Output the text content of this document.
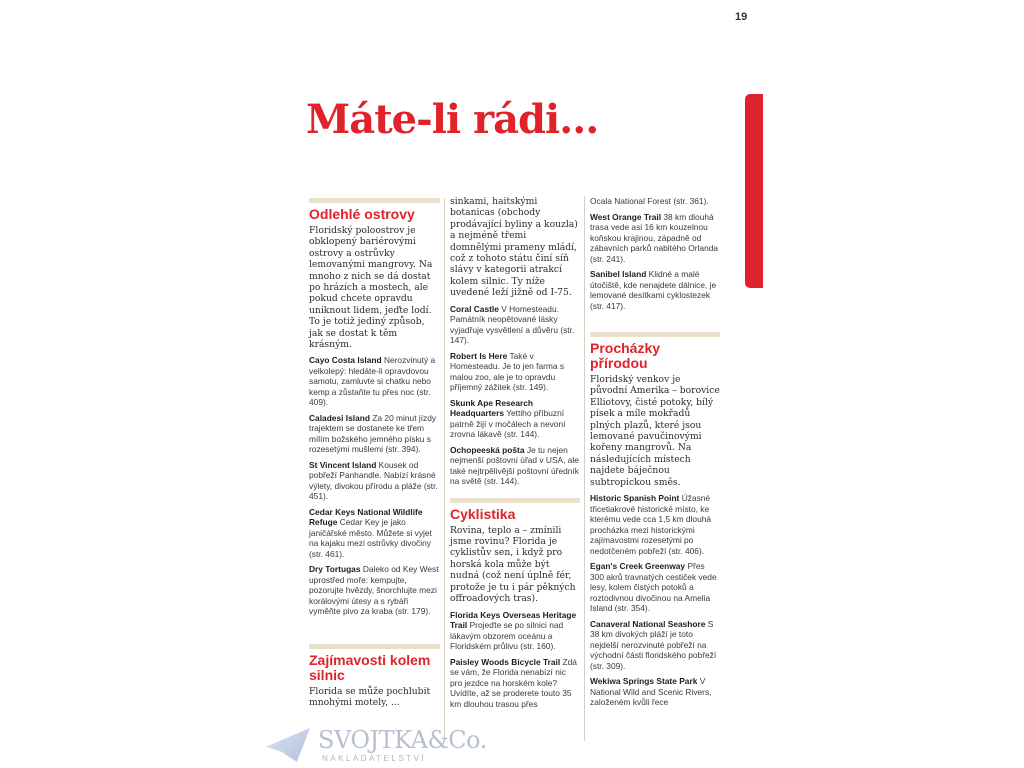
19
Máte-li rádi…
Odlehlé ostrovy

Floridský poloostrov je obklopený bariérovými ostrovy a ostrůvky lemovanými mangrovy. Na mnoho z nich se dá dostat po hrázích a mostech, ale pokud chcete opravdu uniknout lidem, jeďte lodí. To je totiž jediný způsob, jak se dostat k těm krásným.

Cayo Costa Island Nerozvinutý a velkolepý: hledáte-li opravdovou samotu, zamluvte si chatku nebo kemp a zůstaňte tu přes noc (str. 409).

Caladesi Island Za 20 minut jízdy trajektem se dostanete ke třem mílím božského jemného písku s rozesetými mušlemi (str. 394).

St Vincent Island Kousek od pobřeží Panhandle. Nabízí krásné výlety, divokou přírodu a pláže (str. 451).

Cedar Keys National Wildlife Refuge Cedar Key je jako janičářské město. Můžete si vyjet na kajaku mezi ostrůvky divočiny (str. 461).

Dry Tortugas Daleko od Key West uprostřed moře: kempujte, pozorujte hvězdy, šnorchlujte mezi korálovými útesy a s rybáři vyměňte pivo za kraba (str. 179).

Zajímavosti kolem silnic

Florida se může pochlubit mnohými motely, ...

sinkami, haitskými botanicas (obchody prodávající byliny a kouzla) a nejméně třemi domnělými prameny mládí, což z tohoto státu činí síň slávy v kategorii atrakcí kolem silnic. Ty níže uvedené leží jižně od I-75.

Coral Castle V Homesteadu. Památník neopětované lásky vyjadřuje vysvětlení a důvěru (str. 147).

Robert Is Here Také v Homesteadu. Je to jen farma s malou zoo, ale je to opravdu příjemný zážitek (str. 149).

Skunk Ape Research Headquarters Yettiho příbuzní patrně žijí v močálech a nevoní zrovna lákavě (str. 144).

Ochopeeská pošta Je tu nejen nejmenší poštovní úřad v USA, ale také nejtrpělivější poštovní úředník na světě (str. 144).

Cyklistika

Rovina, teplo a – zmínili jsme rovinu? Florida je cyklistův sen, i když pro horská kola může být nudná (což není úplně fér, protože je tu i pár pěkných offroadových tras).

Florida Keys Overseas Heritage Trail Projeďte se po silnici nad lákavým obzorem oceánu a Floridském průlivu (str. 160).

Paisley Woods Bicycle Trail Zdá se vám, že Florida nenabízí nic pro jezdce na horském kole? Uvidíte, až se proderete touto 35 km dlouhou trasou přes

Ocala National Forest (str. 361).

West Orange Trail 38 km dlouhá trasa vede asi 16 km kouzelnou koňskou krajinou, západně od zábavních parků nabitého Orlanda (str. 241).

Sanibel Island Klidné a malé útočiště, kde nenajdete dálnice, je lemované desítkami cyklostezek (str. 417).

Procházky přírodou

Floridský venkov je původní Amerika – borovice Elliotovy, čisté potoky, bílý písek a míle mokřadů plných plazů, které jsou lemované pavučinovými kořeny mangrovů. Na následujících místech najdete báječnou subtropickou směs.

Historic Spanish Point Úžasné třicetiakrové historické místo, ke kterému vede cca 1,5 km dlouhá procházka mezi historickými zajímavostmi rozesetými po nedotčeném pobřeží (str. 406).

Egan's Creek Greenway Přes 300 akrů travnatých cestiček vede lesy, kolem čistých potoků a roztodivnou divočinou na Amelia Island (str. 354).

Canaveral National Seashore S 38 km divokých pláží je toto nejdelší nerozvinuté pobřeží na východní části floridského pobřeží (str. 309).

Wekiwa Springs State Park V National Wild and Scenic Rivers, založeném kvůli řece

SVOJTKA&Co.
NAKLADATELSTVÍ
